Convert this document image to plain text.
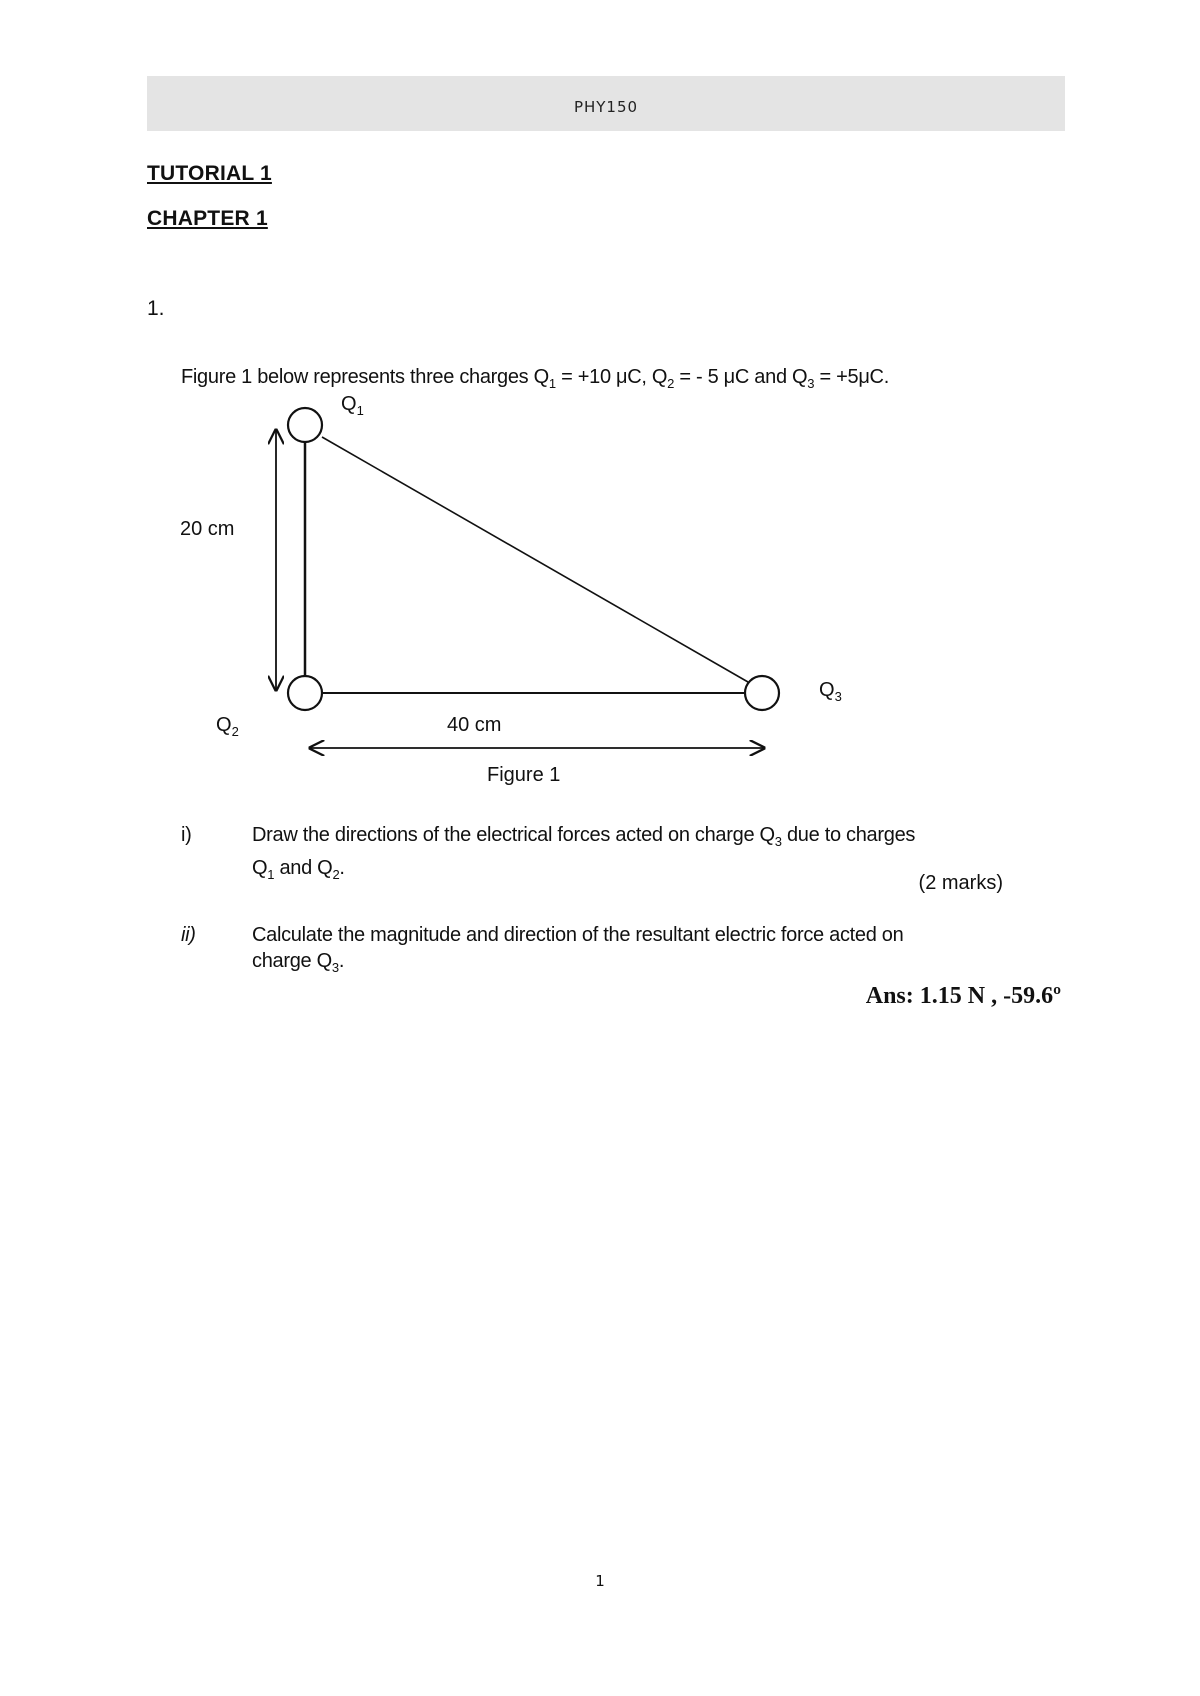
PHY150
TUTORIAL 1
CHAPTER 1
1.
Figure 1 below represents three charges $Q_1 = +10$ μC, $Q_2$ = - 5 μC and $Q_3 = +5\mu C$.
$Q_1$
$Q_2$
$Q_3$
20 cm
40 cm
Figure 1
i)	Draw the directions of the electrical forces acted on charge $Q_3$ due to charges
$Q_1$ and $Q_2$.
(2 marks)
ii)	Calculate the magnitude and direction of the resultant electric force acted on
charge $Q_3$.
Ans: 1.15 N , -59.6º
1
